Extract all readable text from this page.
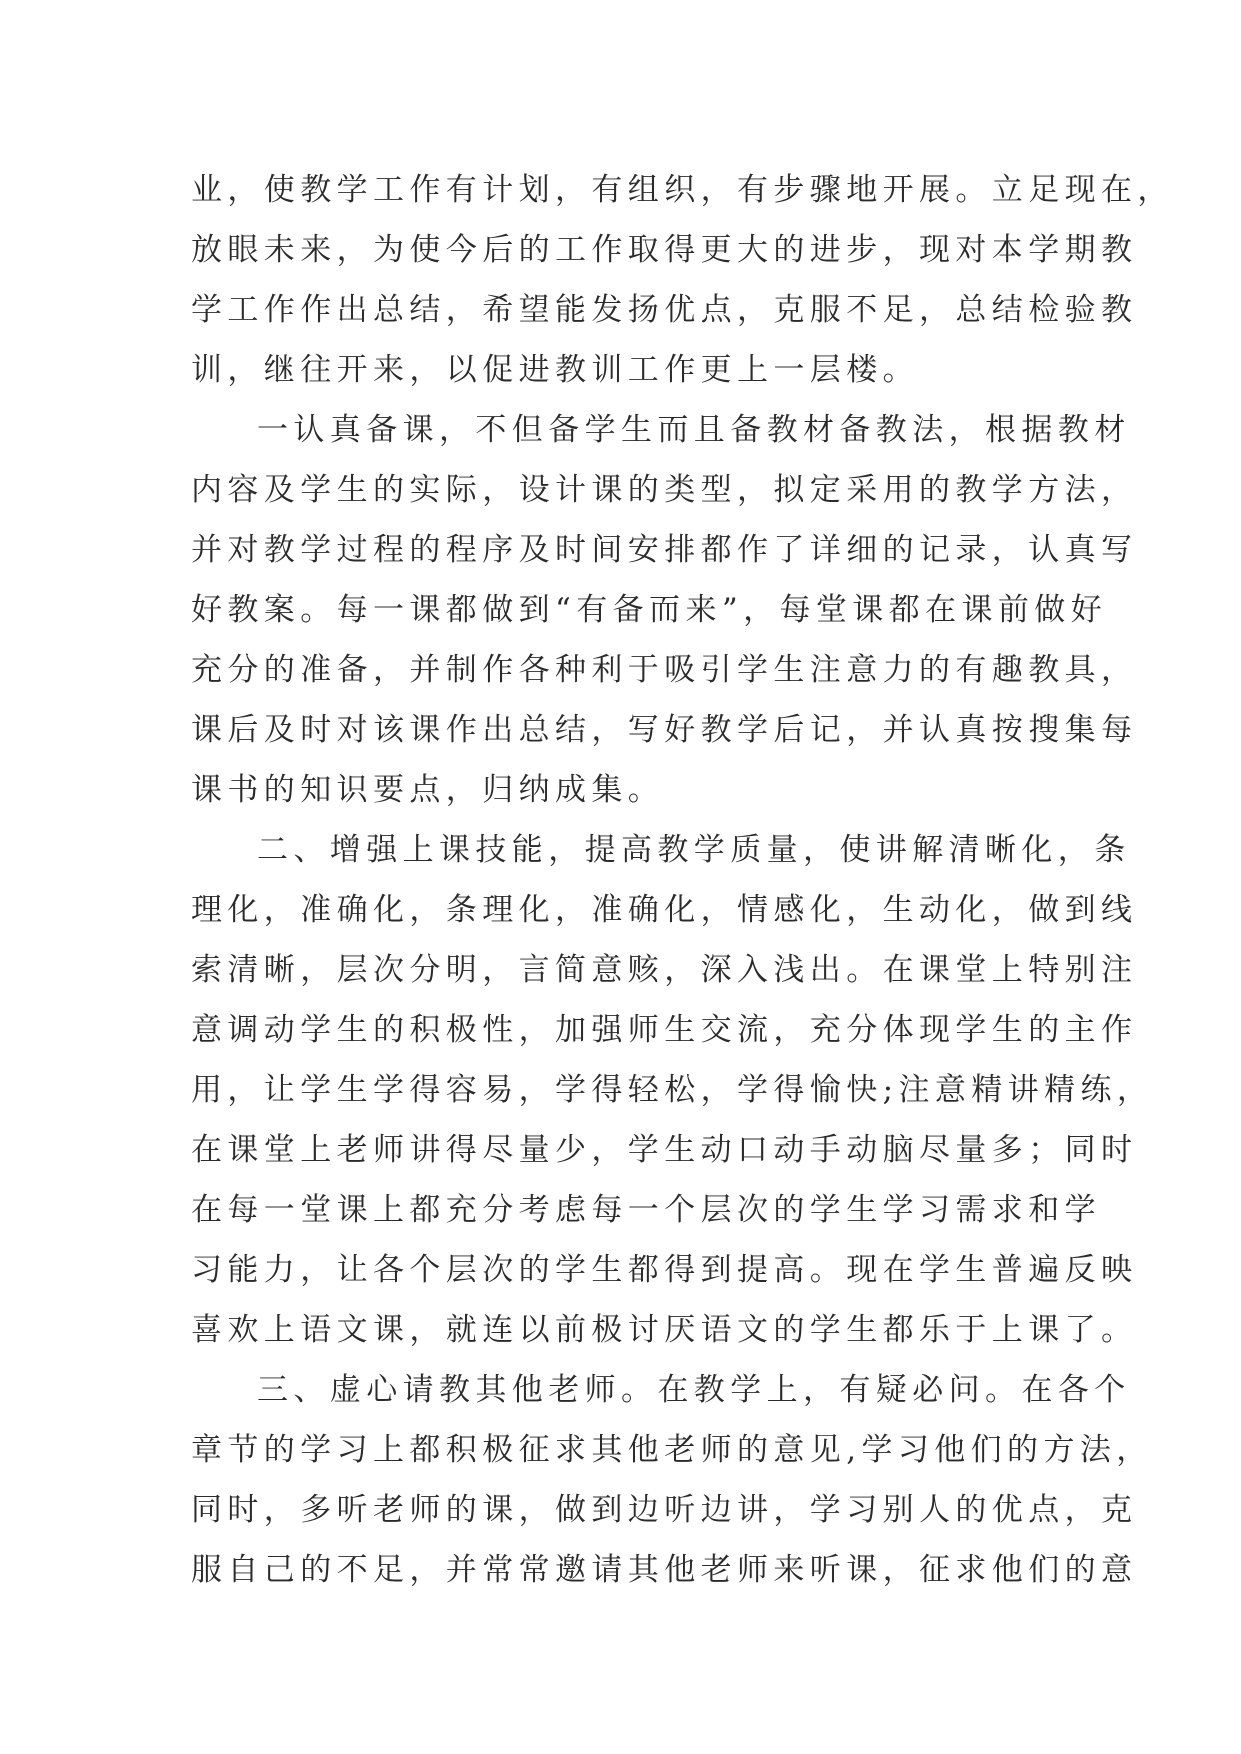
业，使教学工作有计划，有组织，有步骤地开展。立足现在，
放眼未来，为使今后的工作取得更大的进步，现对本学期教
学工作作出总结，希望能发扬优点，克服不足，总结检验教
训，继往开来，以促进教训工作更上一层楼。
一认真备课，不但备学生而且备教材备教法，根据教材
内容及学生的实际，设计课的类型，拟定采用的教学方法，
并对教学过程的程序及时间安排都作了详细的记录，认真写
好教案。每一课都做到“有备而来”，每堂课都在课前做好
充分的准备，并制作各种利于吸引学生注意力的有趣教具，
课后及时对该课作出总结，写好教学后记，并认真按搜集每
课书的知识要点，归纳成集。
二、增强上课技能，提高教学质量，使讲解清晰化，条
理化，准确化，条理化，准确化，情感化，生动化，做到线
索清晰，层次分明，言简意赅，深入浅出。在课堂上特别注
意调动学生的积极性，加强师生交流，充分体现学生的主作
用，让学生学得容易，学得轻松，学得愉快;注意精讲精练，
在课堂上老师讲得尽量少，学生动口动手动脑尽量多；同时
在每一堂课上都充分考虑每一个层次的学生学习需求和学
习能力，让各个层次的学生都得到提高。现在学生普遍反映
喜欢上语文课，就连以前极讨厌语文的学生都乐于上课了。
三、虚心请教其他老师。在教学上，有疑必问。在各个
章节的学习上都积极征求其他老师的意见,学习他们的方法，
同时，多听老师的课，做到边听边讲，学习别人的优点，克
服自己的不足，并常常邀请其他老师来听课，征求他们的意
